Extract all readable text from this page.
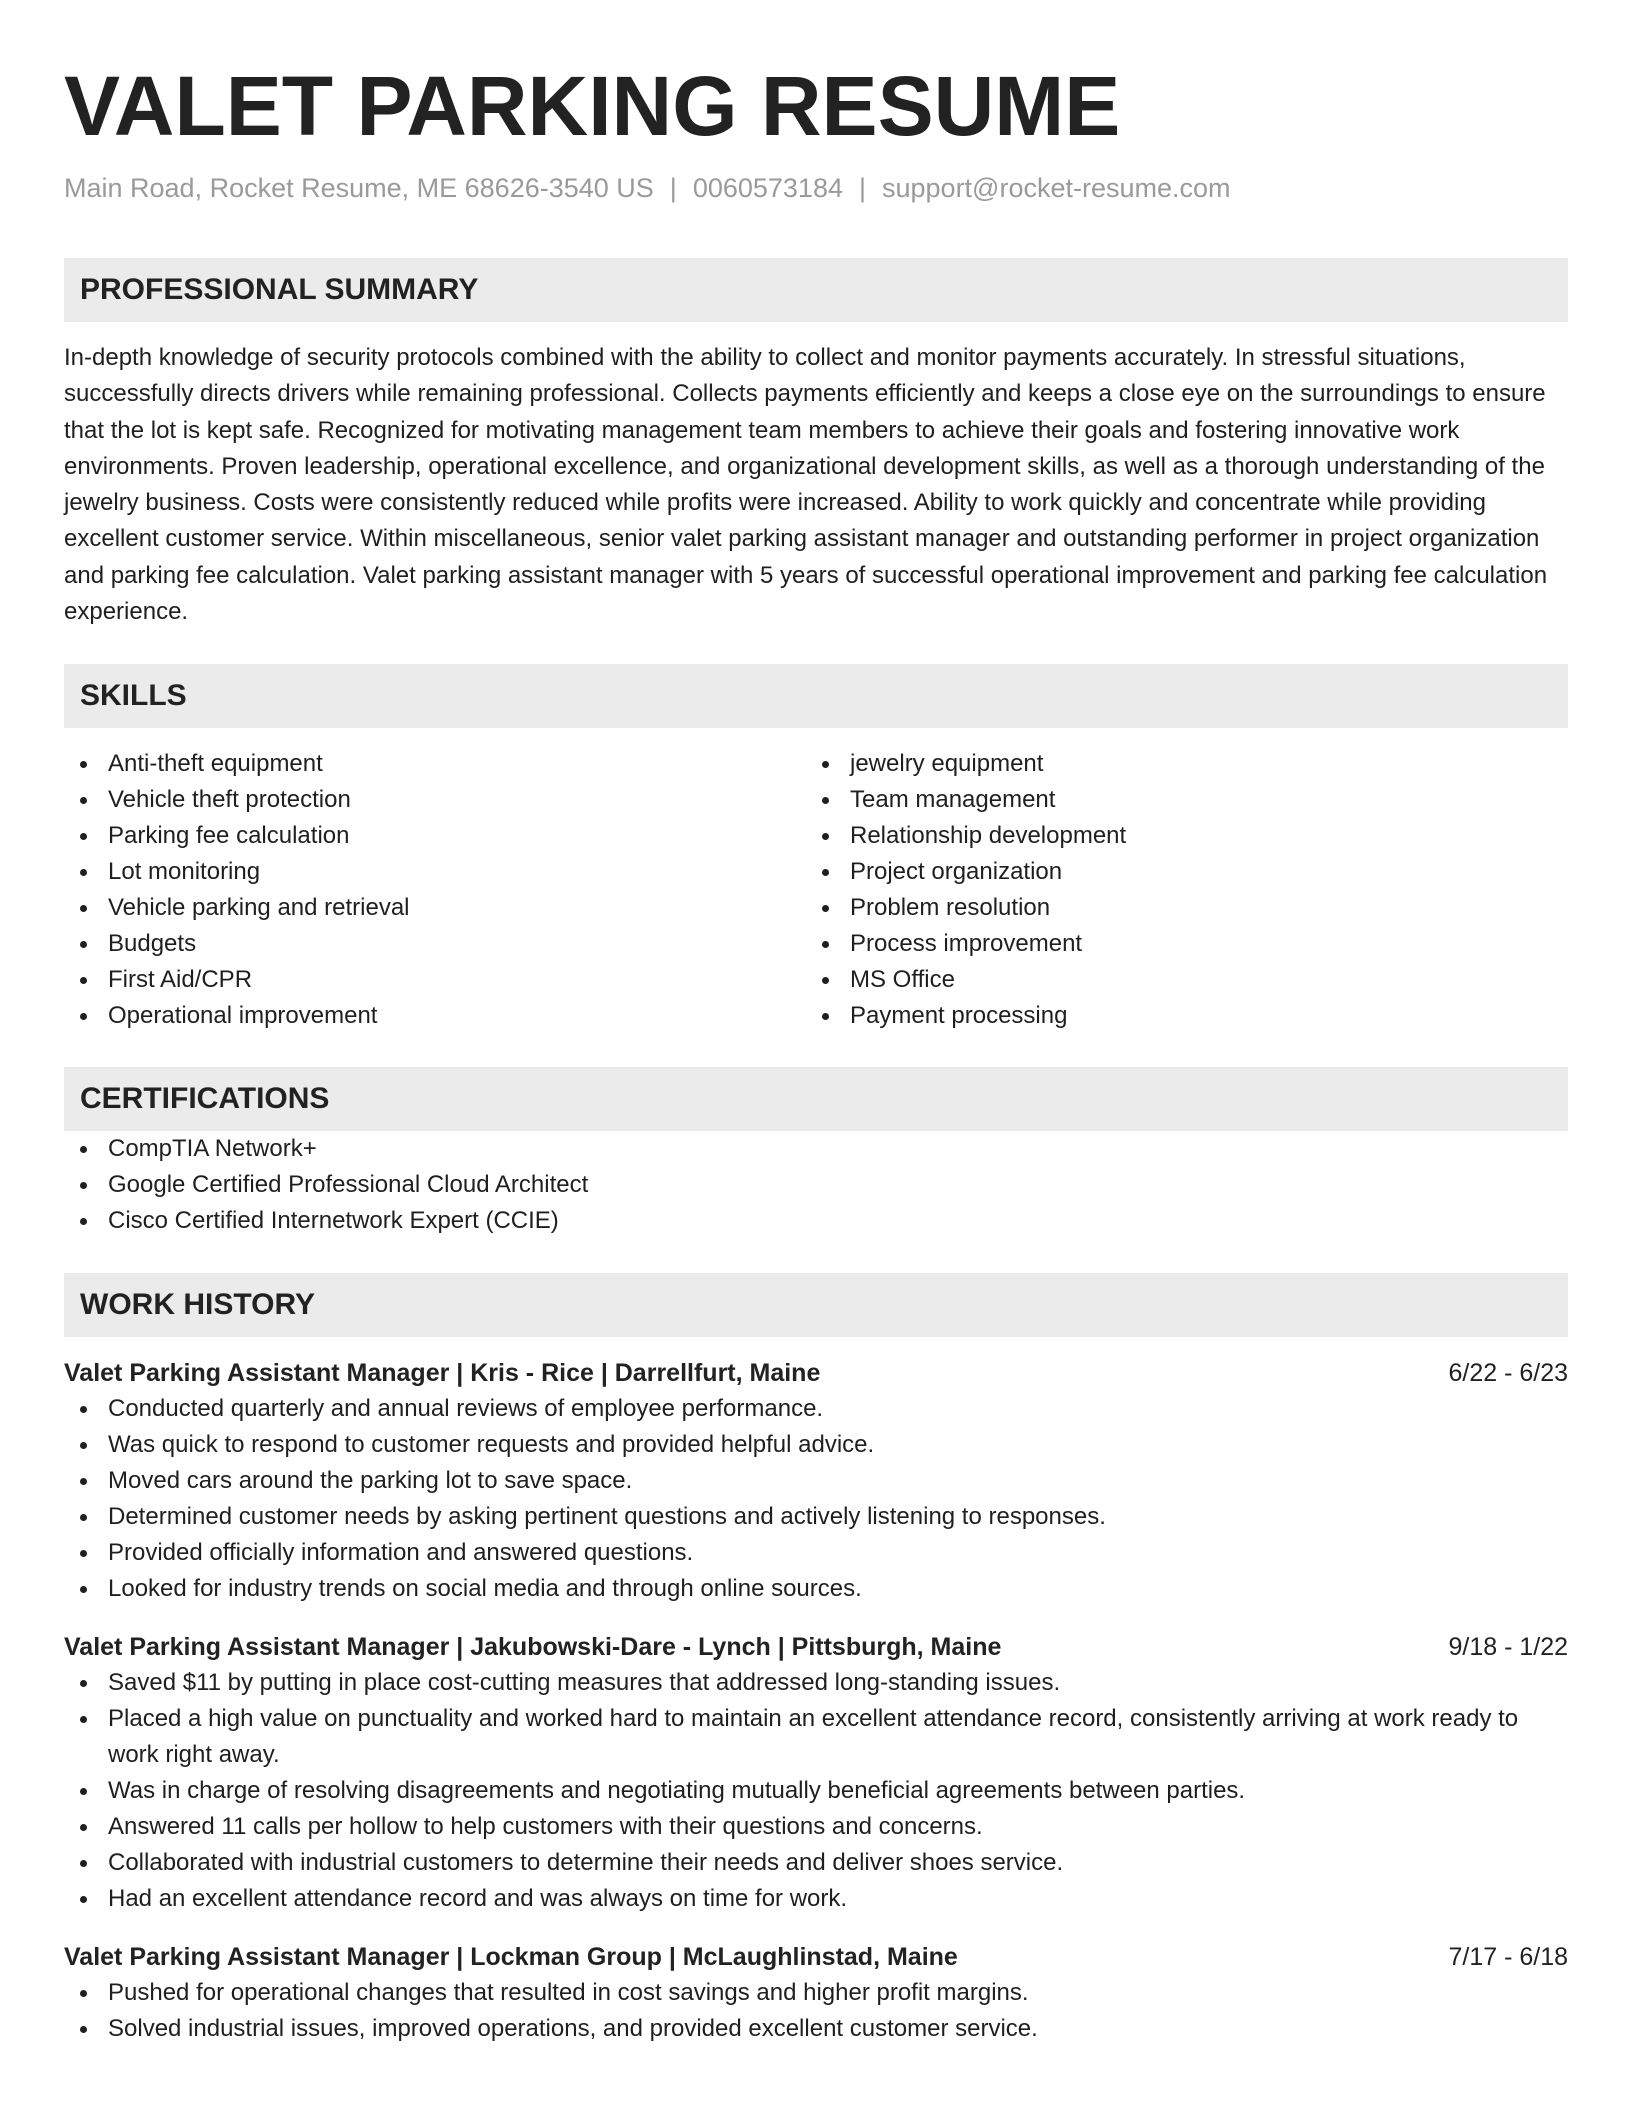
VALET PARKING RESUME
Main Road, Rocket Resume, ME 68626-3540 US | 0060573184 | support@rocket-resume.com
PROFESSIONAL SUMMARY

In-depth knowledge of security protocols combined with the ability to collect and monitor payments accurately. In stressful situations, successfully directs drivers while remaining professional. Collects payments efficiently and keeps a close eye on the surroundings to ensure that the lot is kept safe. Recognized for motivating management team members to achieve their goals and fostering innovative work environments. Proven leadership, operational excellence, and organizational development skills, as well as a thorough understanding of the jewelry business. Costs were consistently reduced while profits were increased. Ability to work quickly and concentrate while providing excellent customer service. Within miscellaneous, senior valet parking assistant manager and outstanding performer in project organization and parking fee calculation. Valet parking assistant manager with 5 years of successful operational improvement and parking fee calculation experience.

SKILLS
Anti-theft equipment
Vehicle theft protection
Parking fee calculation
Lot monitoring
Vehicle parking and retrieval
Budgets
First Aid/CPR
Operational improvement
jewelry equipment
Team management
Relationship development
Project organization
Problem resolution
Process improvement
MS Office
Payment processing
CERTIFICATIONS
CompTIA Network+
Google Certified Professional Cloud Architect
Cisco Certified Internetwork Expert (CCIE)
WORK HISTORY
Valet Parking Assistant Manager | Kris - Rice | Darrellfurt, Maine	6/22 - 6/23
Conducted quarterly and annual reviews of employee performance.
Was quick to respond to customer requests and provided helpful advice.
Moved cars around the parking lot to save space.
Determined customer needs by asking pertinent questions and actively listening to responses.
Provided officially information and answered questions.
Looked for industry trends on social media and through online sources.
Valet Parking Assistant Manager | Jakubowski-Dare - Lynch | Pittsburgh, Maine	9/18 - 1/22
Saved $11 by putting in place cost-cutting measures that addressed long-standing issues.
Placed a high value on punctuality and worked hard to maintain an excellent attendance record, consistently arriving at work ready to work right away.
Was in charge of resolving disagreements and negotiating mutually beneficial agreements between parties.
Answered 11 calls per hollow to help customers with their questions and concerns.
Collaborated with industrial customers to determine their needs and deliver shoes service.
Had an excellent attendance record and was always on time for work.
Valet Parking Assistant Manager | Lockman Group | McLaughlinstad, Maine	7/17 - 6/18
Pushed for operational changes that resulted in cost savings and higher profit margins.
Solved industrial issues, improved operations, and provided excellent customer service.
